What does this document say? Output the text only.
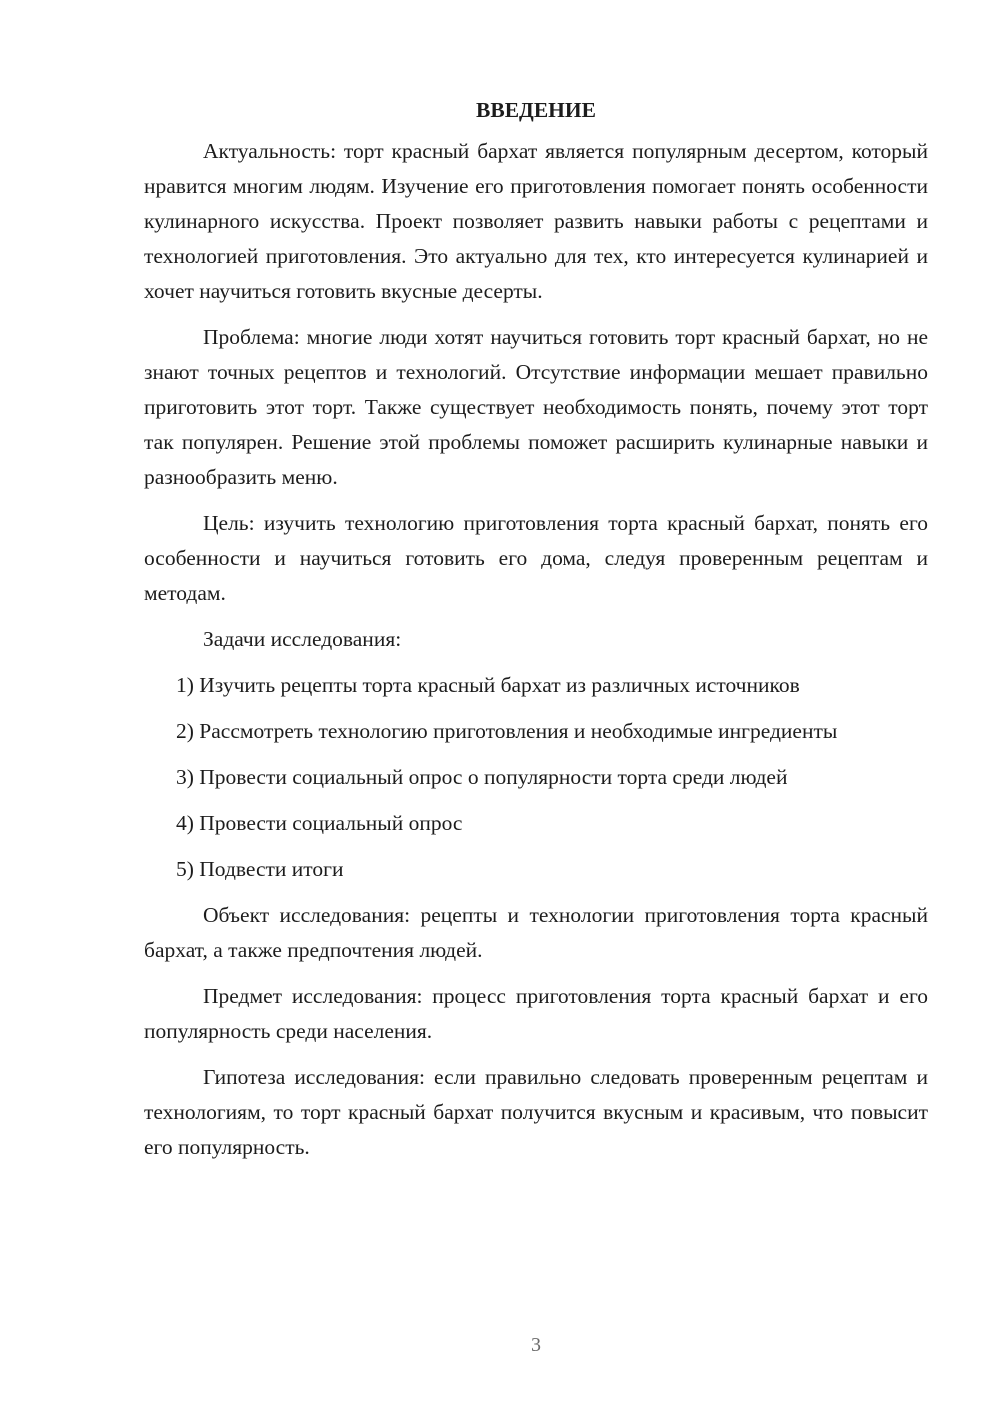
ВВЕДЕНИЕ

Актуальность: торт красный бархат является популярным десертом, который нравится многим людям. Изучение его приготовления помогает понять особенности кулинарного искусства. Проект позволяет развить навыки работы с рецептами и технологией приготовления. Это актуально для тех, кто интересуется кулинарией и хочет научиться готовить вкусные десерты.

Проблема: многие люди хотят научиться готовить торт красный бархат, но не знают точных рецептов и технологий. Отсутствие информации мешает правильно приготовить этот торт. Также существует необходимость понять, почему этот торт так популярен. Решение этой проблемы поможет расширить кулинарные навыки и разнообразить меню.

Цель: изучить технологию приготовления торта красный бархат, понять его особенности и научиться готовить его дома, следуя проверенным рецептам и методам.

Задачи исследования:

1) Изучить рецепты торта красный бархат из различных источников

2) Рассмотреть технологию приготовления и необходимые ингредиенты

3) Провести социальный опрос о популярности торта среди людей

4) Провести социальный опрос

5) Подвести итоги

Объект исследования: рецепты и технологии приготовления торта красный бархат, а также предпочтения людей.

Предмет исследования: процесс приготовления торта красный бархат и его популярность среди населения.

Гипотеза исследования: если правильно следовать проверенным рецептам и технологиям, то торт красный бархат получится вкусным и красивым, что повысит его популярность.

3
